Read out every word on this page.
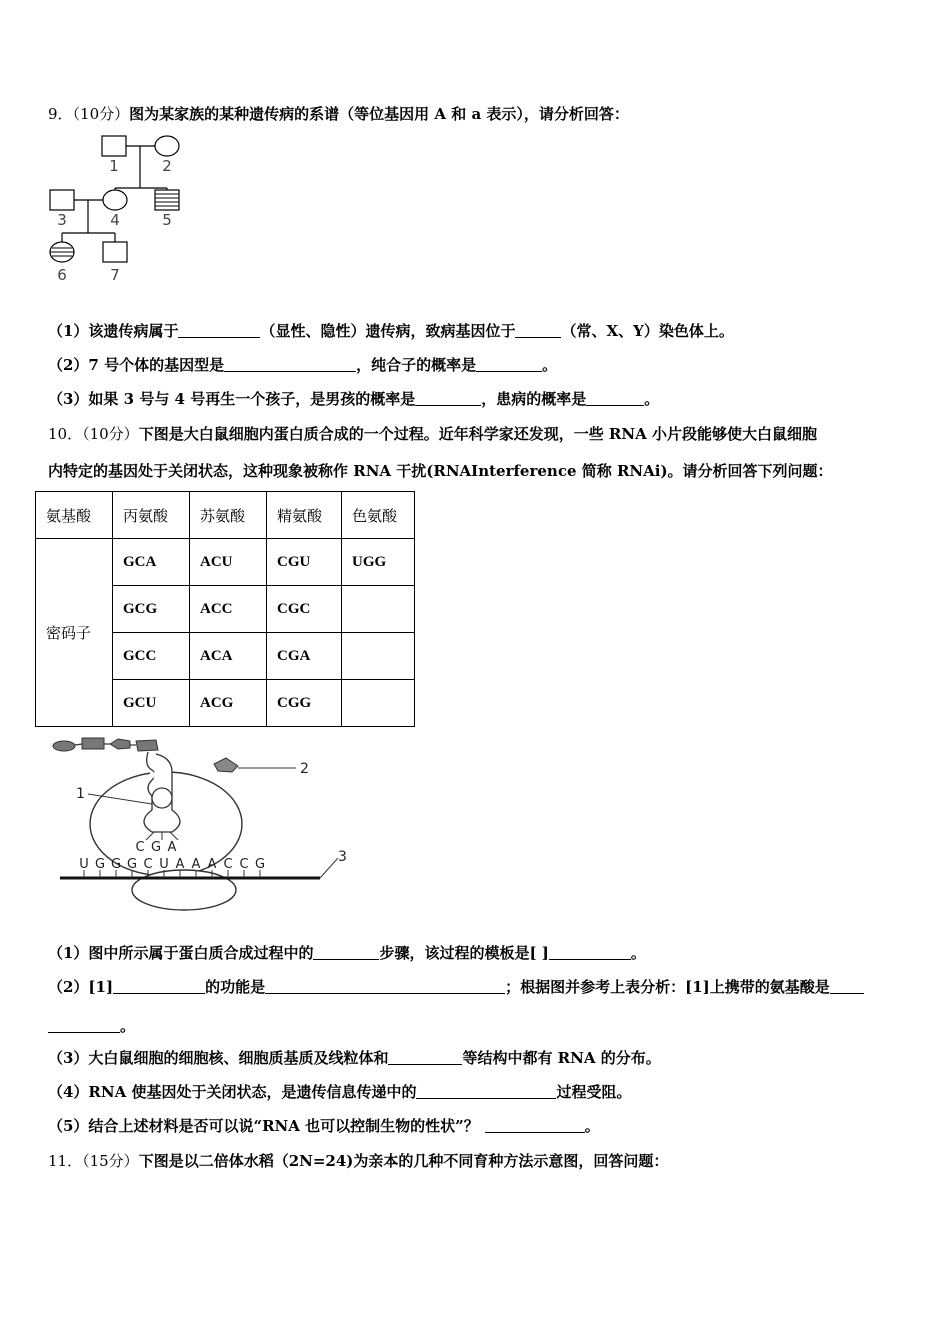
9．（10分）图为某家族的某种遗传病的系谱（等位基因用 A 和 a 表示），请分析回答：
1	2
3	4	5
6	7
（1）该遗传病属于	（显性、隐性）遗传病，致病基因位于	（常、X、Y）染色体上。
（2）7 号个体的基因型是	，纯合子的概率是	。
（3）如果 3 号与 4 号再生一个孩子，是男孩的概率是	，患病的概率是	。
10．（10分）下图是大白鼠细胞内蛋白质合成的一个过程。近年科学家还发现，一些 RNA 小片段能够使大白鼠细胞
内特定的基因处于关闭状态，这种现象被称作 RNA 干扰(RNAInterference 简称 RNAi)。请分析回答下列问题：
氨基酸	丙氨酸	苏氨酸	精氨酸	色氨酸
密码子	GCA	ACU	CGU	UGG
	GCG	ACC	CGC	
	GCC	ACA	CGA	
	GCU	ACG	CGG	
C G A
U G G G C U A A A C C G
1
2
3
（1）图中所示属于蛋白质合成过程中的	步骤，该过程的模板是[ ]	。
（2）[1]	的功能是	；根据图并参考上表分析：[1]上携带的氨基酸是
。
（3）大白鼠细胞的细胞核、细胞质基质及线粒体和	等结构中都有 RNA 的分布。
（4）RNA 使基因处于关闭状态，是遗传信息传递中的	过程受阻。
（5）结合上述材料是否可以说“RNA 也可以控制生物的性状”？	。
11．（15分）下图是以二倍体水稻（2N=24)为亲本的几种不同育种方法示意图，回答问题：
